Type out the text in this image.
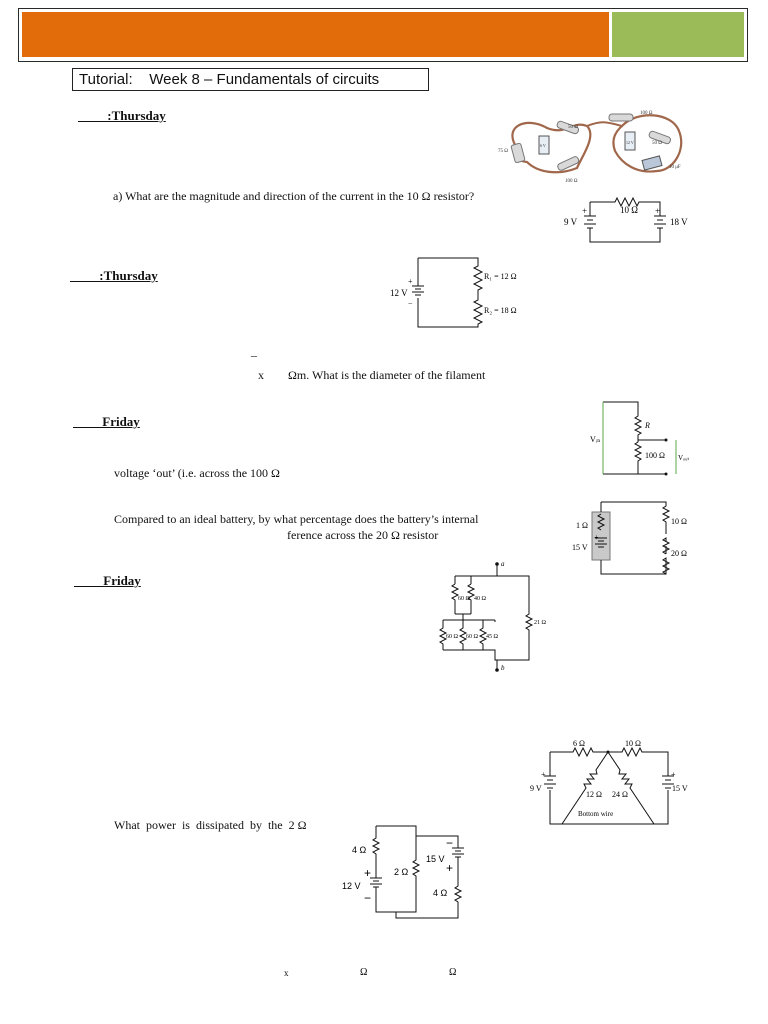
Tutorial:    Week 8 – Fundamentals of circuits
:Thursday
:Thursday
Friday
Friday
a) What are the magnitude and direction of the current in the 10 Ω resistor?
–
x        Ωm. What is the diameter of the filament
voltage ‘out’ (i.e. across the 100 Ω
Compared to an ideal battery, by what percentage does the battery’s internal
ference across the 20 Ω resistor
What  power  is  dissipated  by  the  2 Ω
x	Ω	Ω
50 Ω
75 Ω
6 V
100 Ω
100 Ω
12 V	50 Ω
10 μF
10 Ω
9 V	18 V
+	+
12 V
+
−
R₁ = 12 Ω
R₂ = 18 Ω
Vᵢₙ
R
100 Ω Vₒᵤₜ
1 Ω
15 V
+
10 Ω
20 Ω
a
b
60 Ω 40 Ω
60 Ω 60 Ω 45 Ω
21 Ω
6 Ω	10 Ω
12 Ω 24 Ω
9 V	15 V
+	+
Bottom wire
4 Ω
2 Ω
4 Ω
12 V
15 V
+
−
−
+
